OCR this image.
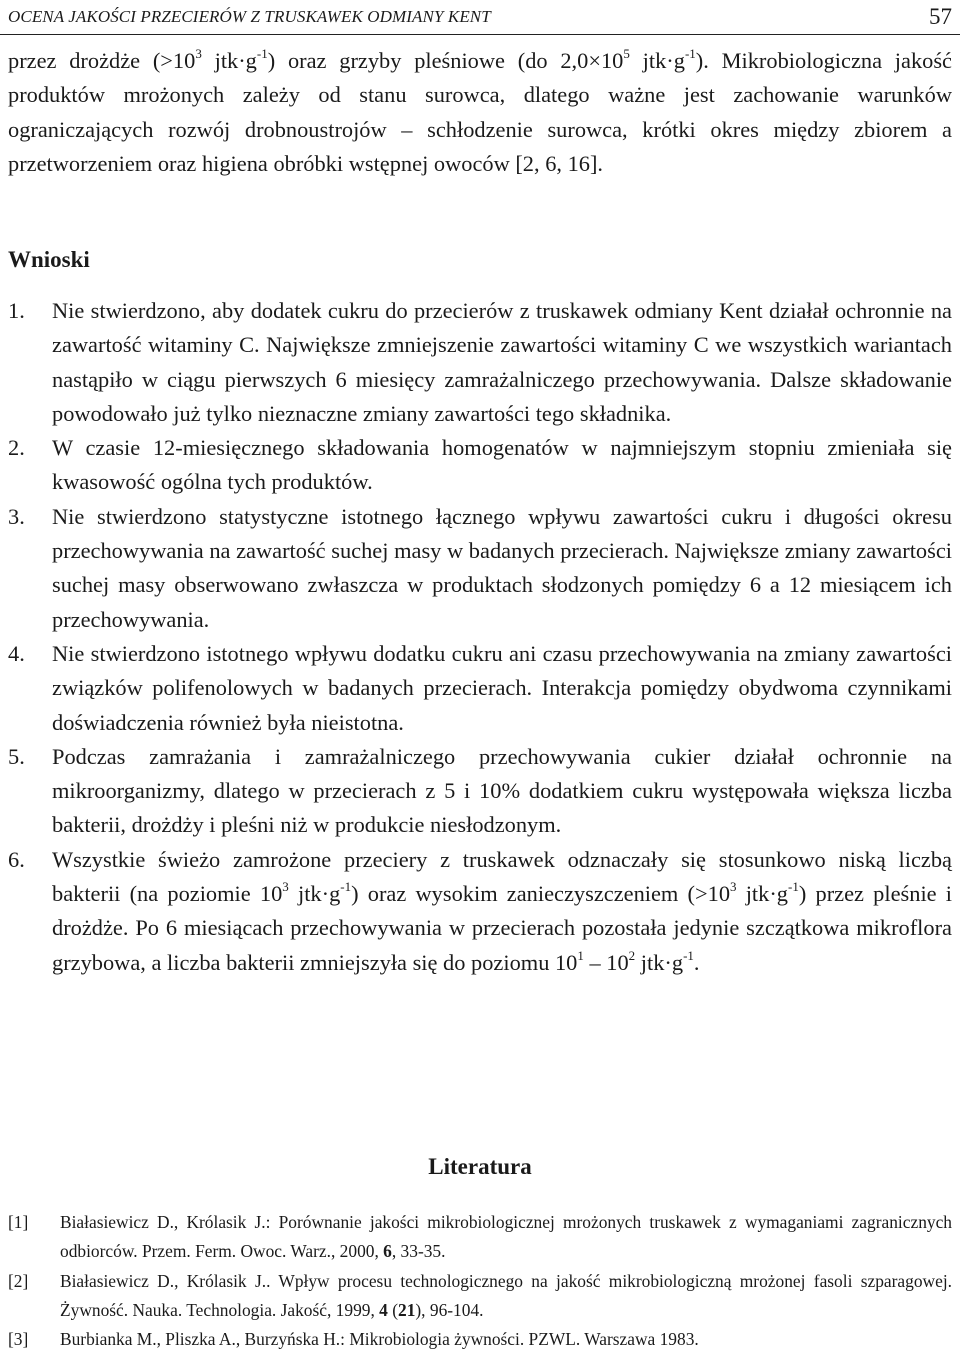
OCENA JAKOŚCI PRZECIERÓW Z TRUSKAWEK ODMIANY KENT	57

przez drożdże ($>10^3$ $jtk\cdot g^{-1}$) oraz grzyby pleśniowe (do $2,0\times 10^5$ $jtk\cdot g^{-1}$). Mikrobiologiczna jakość produktów mrożonych zależy od stanu surowca, dlatego ważne jest zachowanie warunków ograniczających rozwój drobnoustrojów – schłodzenie surowca, krótki okres między zbiorem a przetworzeniem oraz higiena obróbki wstępnej owoców [2, 6, 16].

Wnioski
1. Nie stwierdzono, aby dodatek cukru do przecierów z truskawek odmiany Kent działał ochronnie na zawartość witaminy C. Największe zmniejszenie zawartości witaminy C we wszystkich wariantach nastąpiło w ciągu pierwszych 6 miesięcy zamrażalniczego przechowywania. Dalsze składowanie powodowało już tylko nieznaczne zmiany zawartości tego składnika.
2. W czasie 12-miesięcznego składowania homogenatów w najmniejszym stopniu zmieniała się kwasowość ogólna tych produktów.
3. Nie stwierdzono statystyczne istotnego łącznego wpływu zawartości cukru i długości okresu przechowywania na zawartość suchej masy w badanych przecierach. Największe zmiany zawartości suchej masy obserwowano zwłaszcza w produktach słodzonych pomiędzy 6 a 12 miesiącem ich przechowywania.
4. Nie stwierdzono istotnego wpływu dodatku cukru ani czasu przechowywania na zmiany zawartości związków polifenolowych w badanych przecierach. Interakcja pomiędzy obydwoma czynnikami doświadczenia również była nieistotna.
5. Podczas zamrażania i zamrażalniczego przechowywania cukier działał ochronnie na mikroorganizmy, dlatego w przecierach z 5 i 10% dodatkiem cukru występowała większa liczba bakterii, drożdży i pleśni niż w produkcie niesłodzonym.
6. Wszystkie świeżo zamrożone przeciery z truskawek odznaczały się stosunkowo niską liczbą bakterii (na poziomie $10^3$ $jtk\cdot g^{-1}$) oraz wysokim zanieczyszczeniem ($>10^3$ $jtk\cdot g^{-1}$) przez pleśnie i drożdże. Po 6 miesiącach przechowywania w przecierach pozostała jedynie szczątkowa mikroflora grzybowa, a liczba bakterii zmniejszyła się do poziomu $10^1 - 10^2$ $jtk\cdot g^{-1}$.
Literatura
[1] Białasiewicz D., Królasik J.: Porównanie jakości mikrobiologicznej mrożonych truskawek z wymaganiami zagranicznych odbiorców. Przem. Ferm. Owoc. Warz., 2000, 6, 33-35.
[2] Białasiewicz D., Królasik J.. Wpływ procesu technologicznego na jakość mikrobiologiczną mrożonej fasoli szparagowej. Żywność. Nauka. Technologia. Jakość, 1999, 4 (21), 96-104.
[3] Burbianka M., Pliszka A., Burzyńska H.: Mikrobiologia żywności. PZWL. Warszawa 1983.
